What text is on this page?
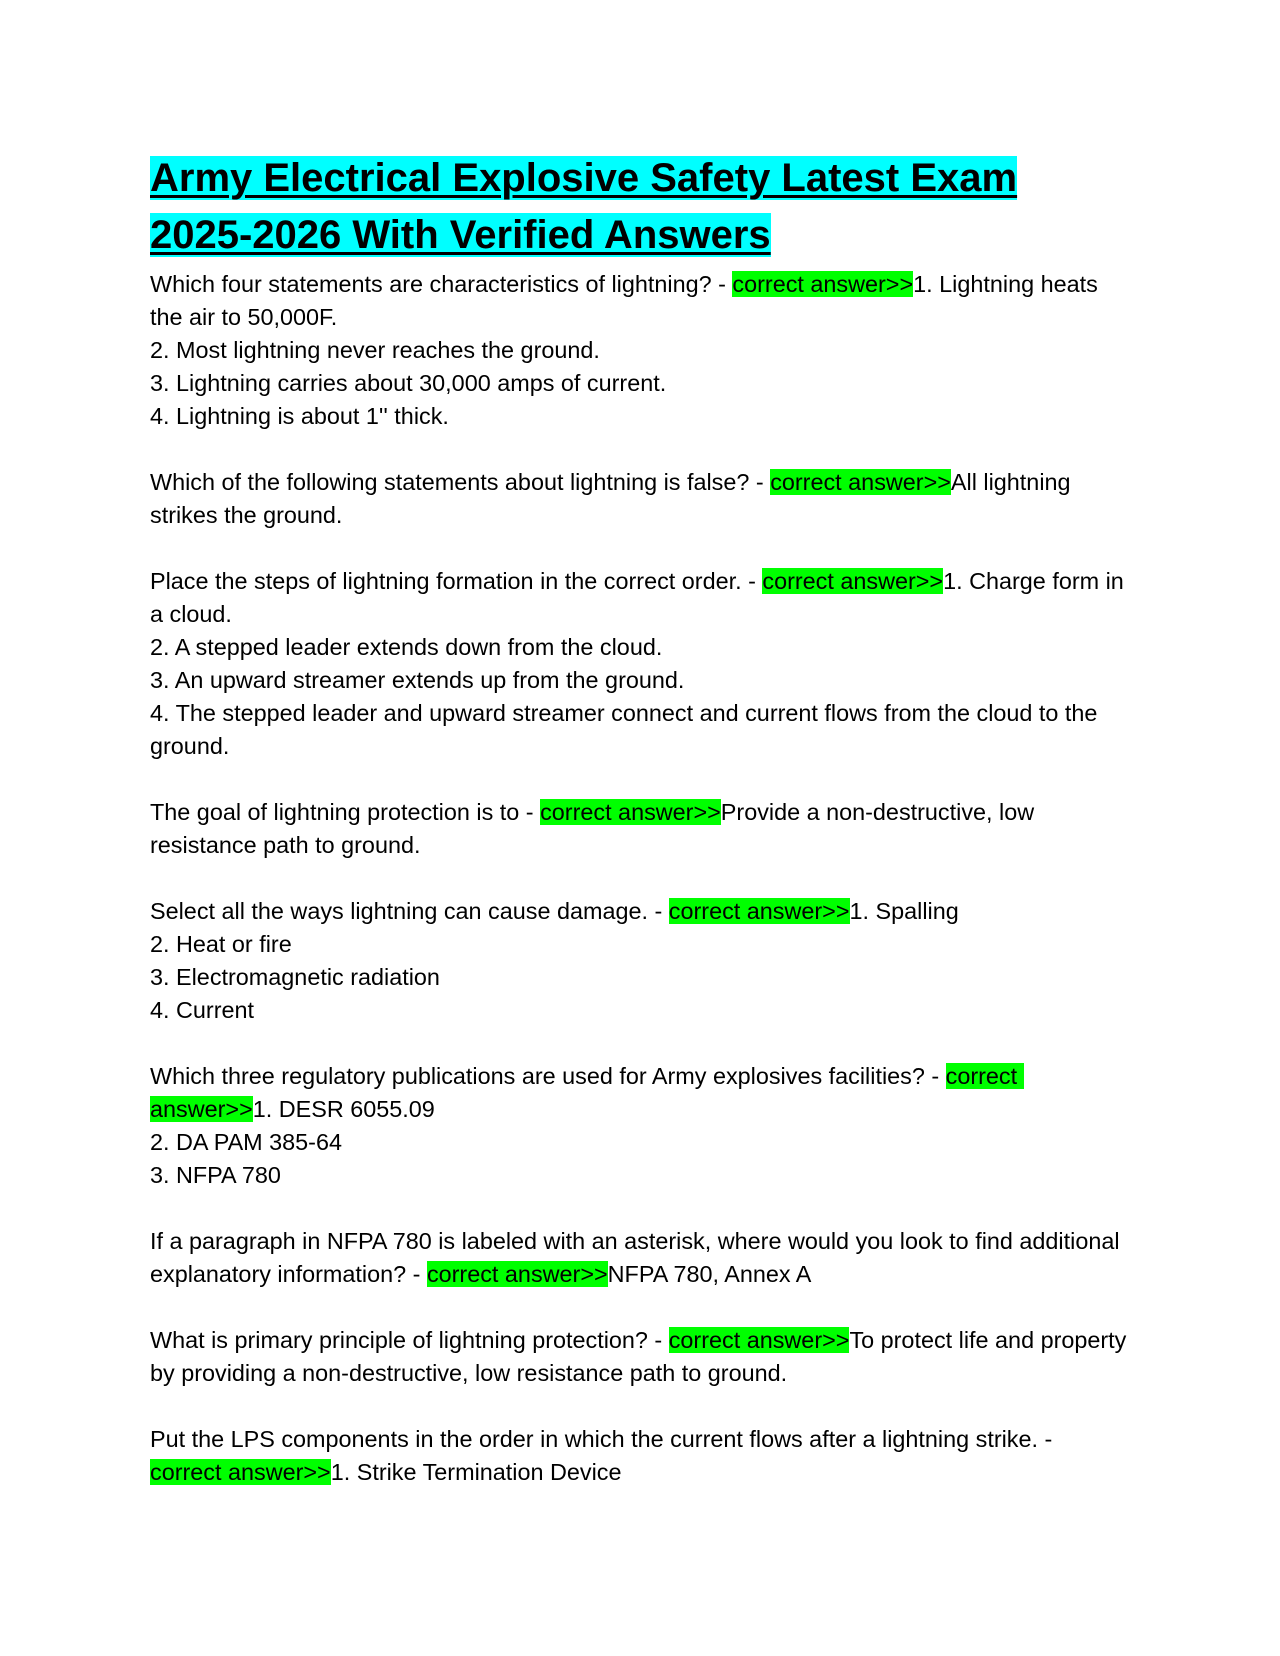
Army Electrical Explosive Safety Latest Exam
2025-2026 With Verified Answers

Which four statements are characteristics of lightning? - correct answer>>1. Lightning heats the air to 50,000F.
2. Most lightning never reaches the ground.
3. Lightning carries about 30,000 amps of current.
4. Lightning is about 1'' thick.

Which of the following statements about lightning is false? - correct answer>>All lightning strikes the ground.

Place the steps of lightning formation in the correct order. - correct answer>>1. Charge form in a cloud.
2. A stepped leader extends down from the cloud.
3. An upward streamer extends up from the ground.
4. The stepped leader and upward streamer connect and current flows from the cloud to the ground.

The goal of lightning protection is to - correct answer>>Provide a non-destructive, low resistance path to ground.

Select all the ways lightning can cause damage. - correct answer>>1. Spalling
2. Heat or fire
3. Electromagnetic radiation
4. Current

Which three regulatory publications are used for Army explosives facilities? - correct answer>>1. DESR 6055.09
2. DA PAM 385-64
3. NFPA 780

If a paragraph in NFPA 780 is labeled with an asterisk, where would you look to find additional explanatory information? - correct answer>>NFPA 780, Annex A

What is primary principle of lightning protection? - correct answer>>To protect life and property by providing a non-destructive, low resistance path to ground.

Put the LPS components in the order in which the current flows after a lightning strike. - correct answer>>1. Strike Termination Device
